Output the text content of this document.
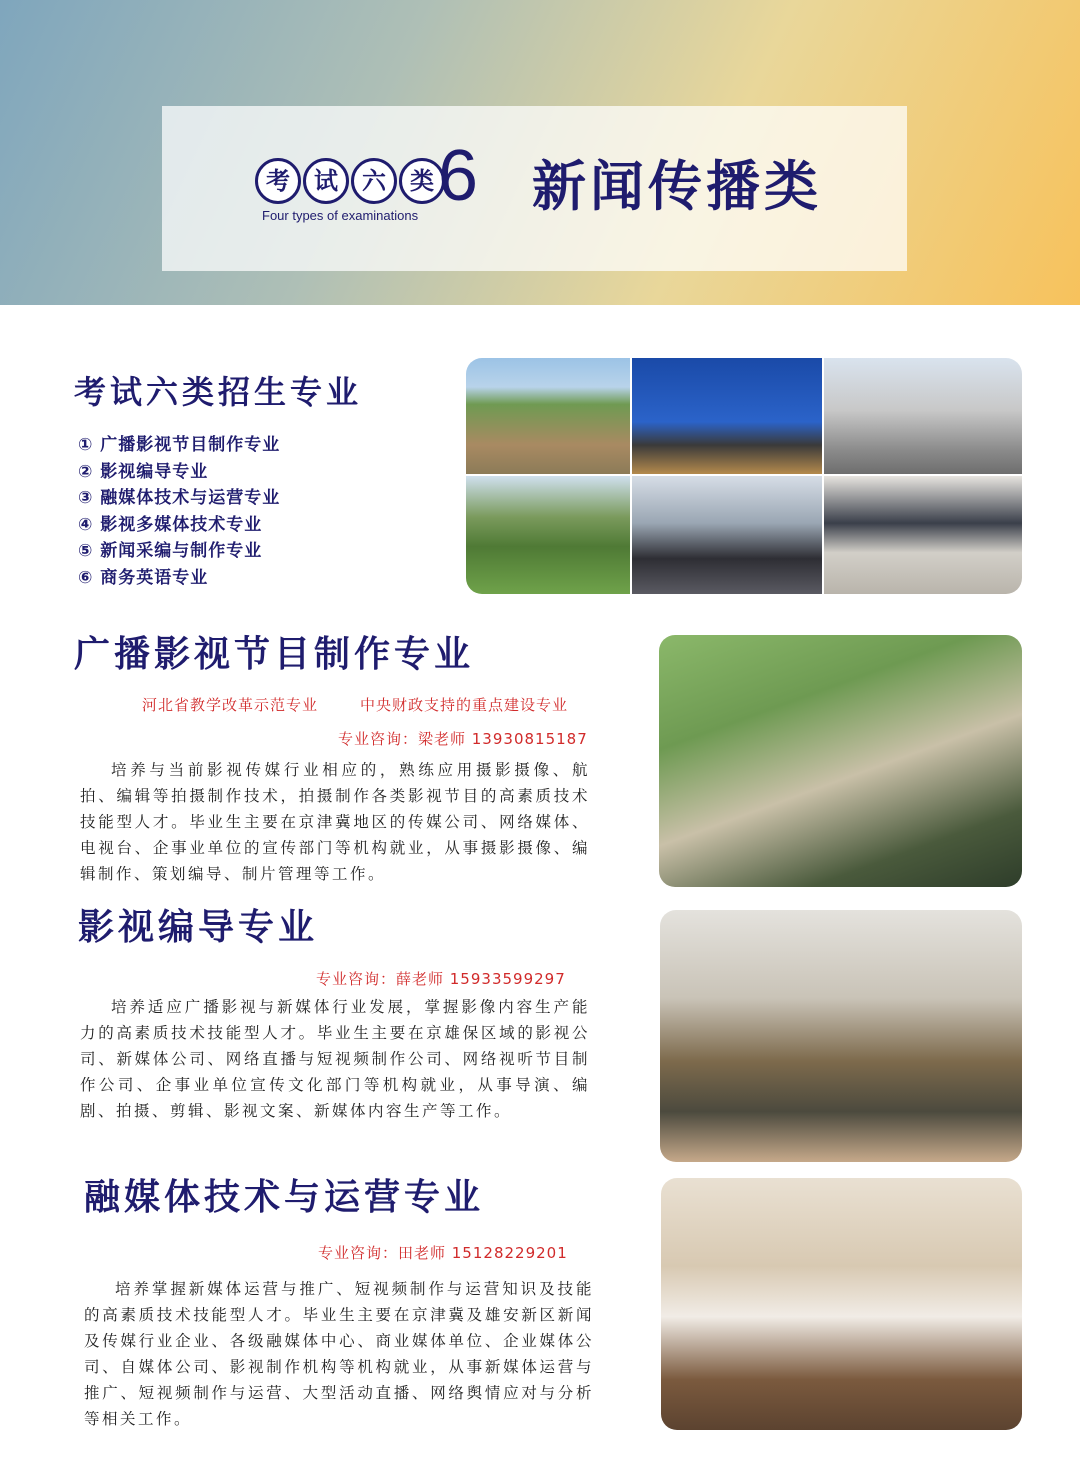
考	试	六	类
Four types of examinations 6 新闻传播类
考试六类招生专业
① 广播影视节目制作专业
② 影视编导专业
③ 融媒体技术与运营专业
④ 影视多媒体技术专业
⑤ 新闻采编与制作专业
⑥ 商务英语专业
广播影视节目制作专业
河北省教学改革示范专业	中央财政支持的重点建设专业
专业咨询：梁老师 13930815187
培养与当前影视传媒行业相应的，熟练应用摄影摄像、航拍、编辑等拍摄制作技术，拍摄制作各类影视节目的高素质技术技能型人才。毕业生主要在京津冀地区的传媒公司、网络媒体、电视台、企事业单位的宣传部门等机构就业，从事摄影摄像、编辑制作、策划编导、制片管理等工作。
影视编导专业
专业咨询：薛老师 15933599297
培养适应广播影视与新媒体行业发展，掌握影像内容生产能力的高素质技术技能型人才。毕业生主要在京雄保区域的影视公司、新媒体公司、网络直播与短视频制作公司、网络视听节目制作公司、企事业单位宣传文化部门等机构就业，从事导演、编剧、拍摄、剪辑、影视文案、新媒体内容生产等工作。
融媒体技术与运营专业
专业咨询：田老师 15128229201
培养掌握新媒体运营与推广、短视频制作与运营知识及技能的高素质技术技能型人才。毕业生主要在京津冀及雄安新区新闻及传媒行业企业、各级融媒体中心、商业媒体单位、企业媒体公司、自媒体公司、影视制作机构等机构就业，从事新媒体运营与推广、短视频制作与运营、大型活动直播、网络舆情应对与分析等相关工作。
